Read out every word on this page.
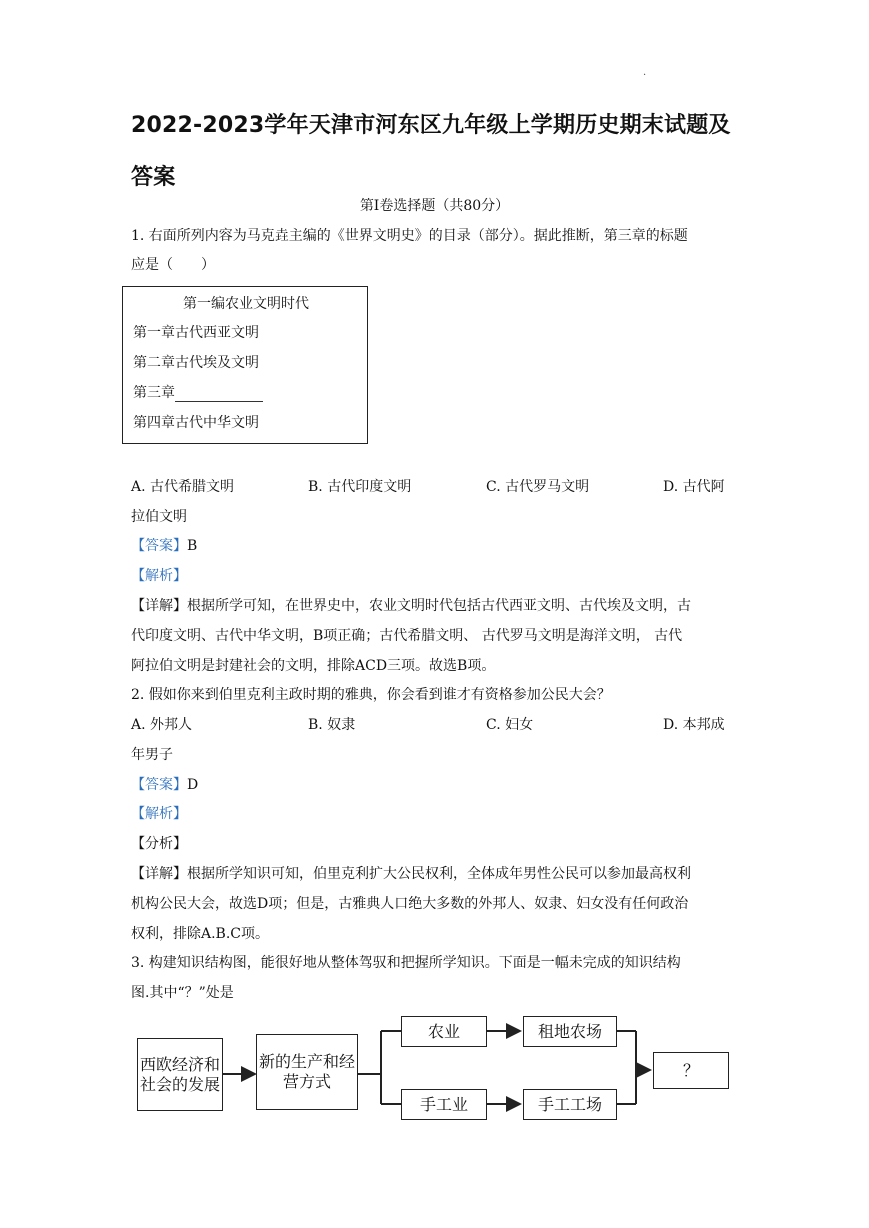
·
2022-2023学年天津市河东区九年级上学期历史期末试题及答案
第Ⅰ卷选择题（共80分）
1. 右面所列内容为马克垚主编的《世界文明史》的目录（部分）。据此推断，第三章的标题
应是（　　）
第一编农业文明时代
第一章古代西亚文明
第二章古代埃及文明
第三章
第四章古代中华文明
A. 古代希腊文明	B. 古代印度文明	C. 古代罗马文明	D. 古代阿
拉伯文明
【答案】B
【解析】
【详解】根据所学可知，在世界史中，农业文明时代包括古代西亚文明、古代埃及文明，古
代印度文明、古代中华文明，B项正确；古代希腊文明、 古代罗马文明是海洋文明， 古代
阿拉伯文明是封建社会的文明，排除ACD三项。故选B项。
2. 假如你来到伯里克利主政时期的雅典，你会看到谁才有资格参加公民大会？
A. 外邦人	B. 奴隶	C. 妇女	D. 本邦成
年男子
【答案】D
【解析】
【分析】
【详解】根据所学知识可知，伯里克利扩大公民权利，全体成年男性公民可以参加最高权利
机构公民大会，故选D项；但是，古雅典人口绝大多数的外邦人、奴隶、妇女没有任何政治
权利，排除A.B.C项。
3. 构建知识结构图，能很好地从整体驾驭和把握所学知识。下面是一幅未完成的知识结构
图.其中“？”处是
西欧经济和社会的发展
新的生产和经营方式
农业	租地农场
手工业	手工工场
？
